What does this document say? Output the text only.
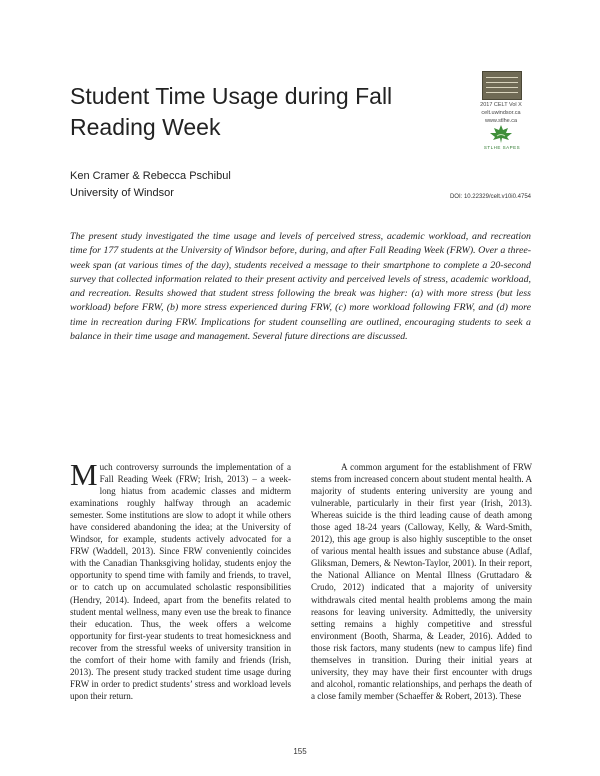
Student Time Usage during Fall Reading Week
2017 CELT Vol X
celt.uwindsor.ca
www.stlhe.ca
STLHE SAPES
Ken Cramer & Rebecca Pschibul
University of Windsor	DOI: 10.22329/celt.v10i0.4754

The present study investigated the time usage and levels of perceived stress, academic workload, and recreation time for 177 students at the University of Windsor before, during, and after Fall Reading Week (FRW). Over a three-week span (at various times of the day), students received a message to their smartphone to complete a 20-second survey that collected information related to their present activity and perceived levels of stress, academic workload, and recreation. Results showed that student stress following the break was higher: (a) with more stress (but less workload) before FRW, (b) more stress experienced during FRW, (c) more workload following FRW, and (d) more time in recreation during FRW. Implications for student counselling are outlined, encouraging students to seek a balance in their time usage and management. Several future directions are discussed.

Much controversy surrounds the implementation of a Fall Reading Week (FRW; Irish, 2013) – a week-long hiatus from academic classes and midterm examinations roughly halfway through an academic semester. Some institutions are slow to adopt it while others have considered abandoning the idea; at the University of Windsor, for example, students actively advocated for a FRW (Waddell, 2013). Since FRW conveniently coincides with the Canadian Thanksgiving holiday, students enjoy the opportunity to spend time with family and friends, to travel, or to catch up on accumulated scholastic responsibilities (Hendry, 2014). Indeed, apart from the benefits related to student mental wellness, many even use the break to finance their education. Thus, the week offers a welcome opportunity for first-year students to treat homesickness and recover from the stressful weeks of university transition in the comfort of their home with family and friends (Irish, 2013). The present study tracked student time usage during FRW in order to predict students’ stress and workload levels upon their return.

A common argument for the establishment of FRW stems from increased concern about student mental health. A majority of students entering university are young and vulnerable, particularly in their first year (Irish, 2013). Whereas suicide is the third leading cause of death among those aged 18-24 years (Calloway, Kelly, & Ward-Smith, 2012), this age group is also highly susceptible to the onset of various mental health issues and substance abuse (Adlaf, Gliksman, Demers, & Newton-Taylor, 2001). In their report, the National Alliance on Mental Illness (Gruttadaro & Crudo, 2012) indicated that a majority of university withdrawals cited mental health problems among the main reasons for leaving university. Admittedly, the university setting remains a highly competitive and stressful environment (Booth, Sharma, & Leader, 2016). Added to those risk factors, many students (new to campus life) find themselves in transition. During their initial years at university, they may have their first encounter with drugs and alcohol, romantic relationships, and perhaps the death of a close family member (Schaeffer & Robert, 2013). These

155
